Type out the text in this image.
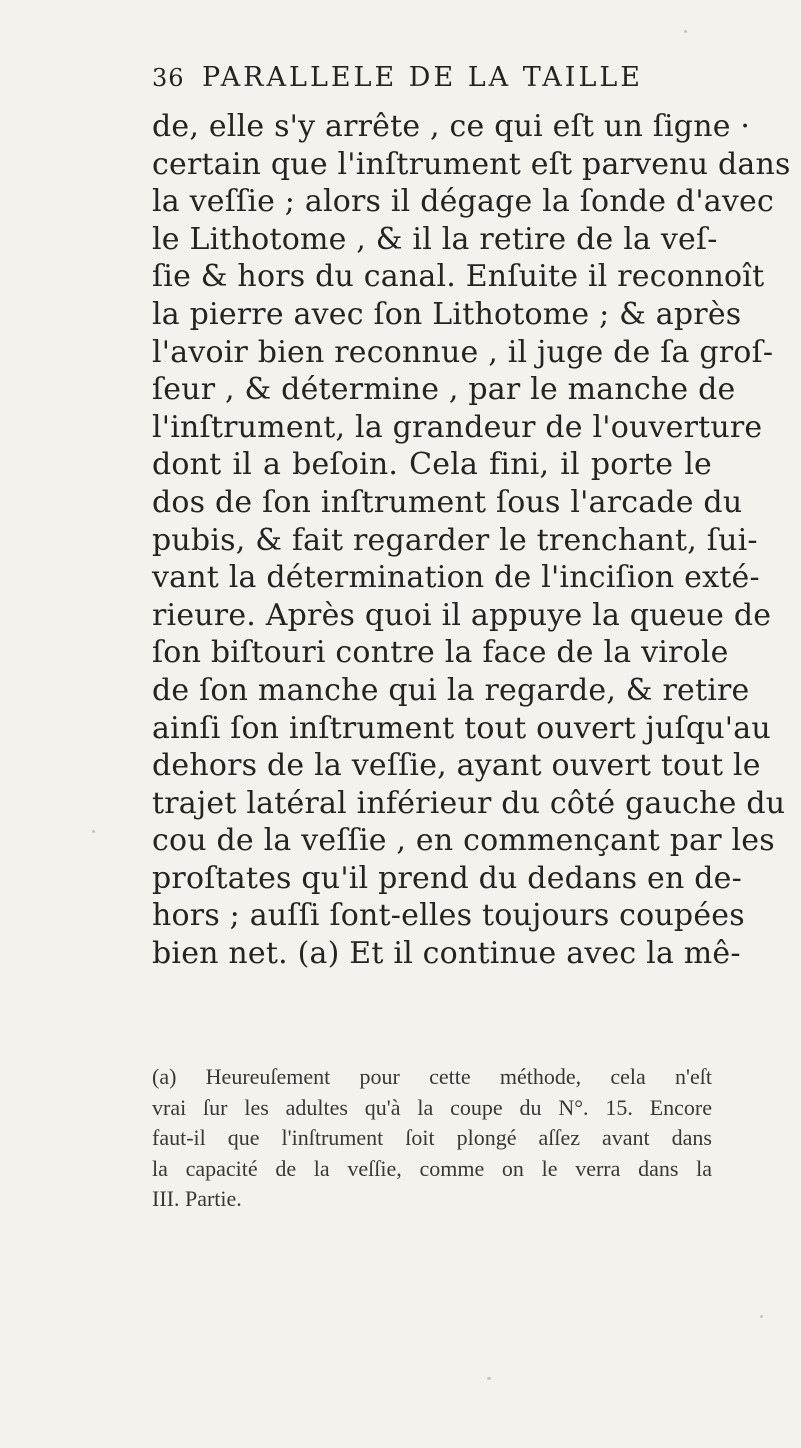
36 PARALLELE DE LA TAILLE
de, elle s'y arrête , ce qui eſt un ſigne ·
certain que l'inſtrument eſt parvenu dans
la veſſie ; alors il dégage la ſonde d'avec
le Lithotome , & il la retire de la veſ-
ſie & hors du canal. Enſuite il reconnoît
la pierre avec ſon Lithotome ; & après
l'avoir bien reconnue , il juge de ſa groſ-
ſeur , & détermine , par le manche de
l'inſtrument, la grandeur de l'ouverture
dont il a beſoin. Cela fini, il porte le
dos de ſon inſtrument ſous l'arcade du
pubis, & fait regarder le trenchant, ſui-
vant la détermination de l'inciſion exté-
rieure. Après quoi il appuye la queue de
ſon biſtouri contre la face de la virole
de ſon manche qui la regarde, & retire
ainſi ſon inſtrument tout ouvert juſqu'au
dehors de la veſſie, ayant ouvert tout le
trajet latéral inférieur du côté gauche du
cou de la veſſie , en commençant par les
proſtates qu'il prend du dedans en de-
hors ; auſſi ſont-elles toujours coupées
bien net. (a) Et il continue avec la mê-
(a) Heureuſement pour cette méthode, cela n'eſt
vrai ſur les adultes qu'à la coupe du N°. 15. Encore
faut-il que l'inſtrument ſoit plongé aſſez avant dans
la capacité de la veſſie, comme on le verra dans la
III. Partie.
